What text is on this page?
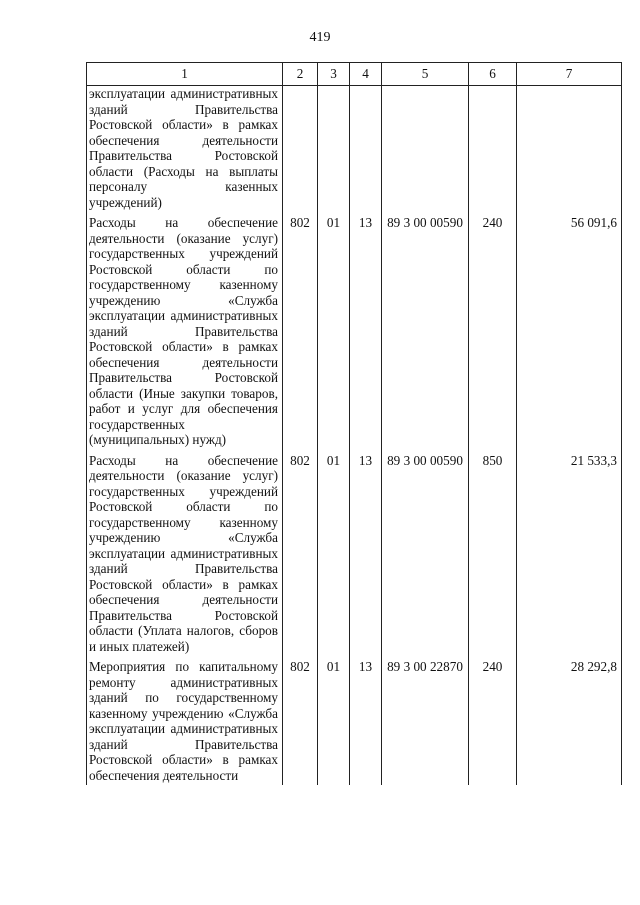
419
1	2	3	4	5	6	7
эксплуатации административных зданий Правительства Ростовской области» в рамках обеспечения деятельности Правительства Ростовской области (Расходы на выплаты персоналу казенных учреждений)						
Расходы на обеспечение деятельности (оказание услуг) государственных учреждений Ростовской области по государственному казенному учреждению «Служба эксплуатации административных зданий Правительства Ростовской области» в рамках обеспечения деятельности Правительства Ростовской области (Иные закупки товаров, работ и услуг для обеспечения государственных (муниципальных) нужд)	802	01	13	89 3 00 00590	240	56 091,6
Расходы на обеспечение деятельности (оказание услуг) государственных учреждений Ростовской области по государственному казенному учреждению «Служба эксплуатации административных зданий Правительства Ростовской области» в рамках обеспечения деятельности Правительства Ростовской области (Уплата налогов, сборов и иных платежей)	802	01	13	89 3 00 00590	850	21 533,3
Мероприятия по капитальному ремонту административных зданий по государственному казенному учреждению «Служба эксплуатации административных зданий Правительства Ростовской области» в рамках обеспечения деятельности	802	01	13	89 3 00 22870	240	28 292,8
